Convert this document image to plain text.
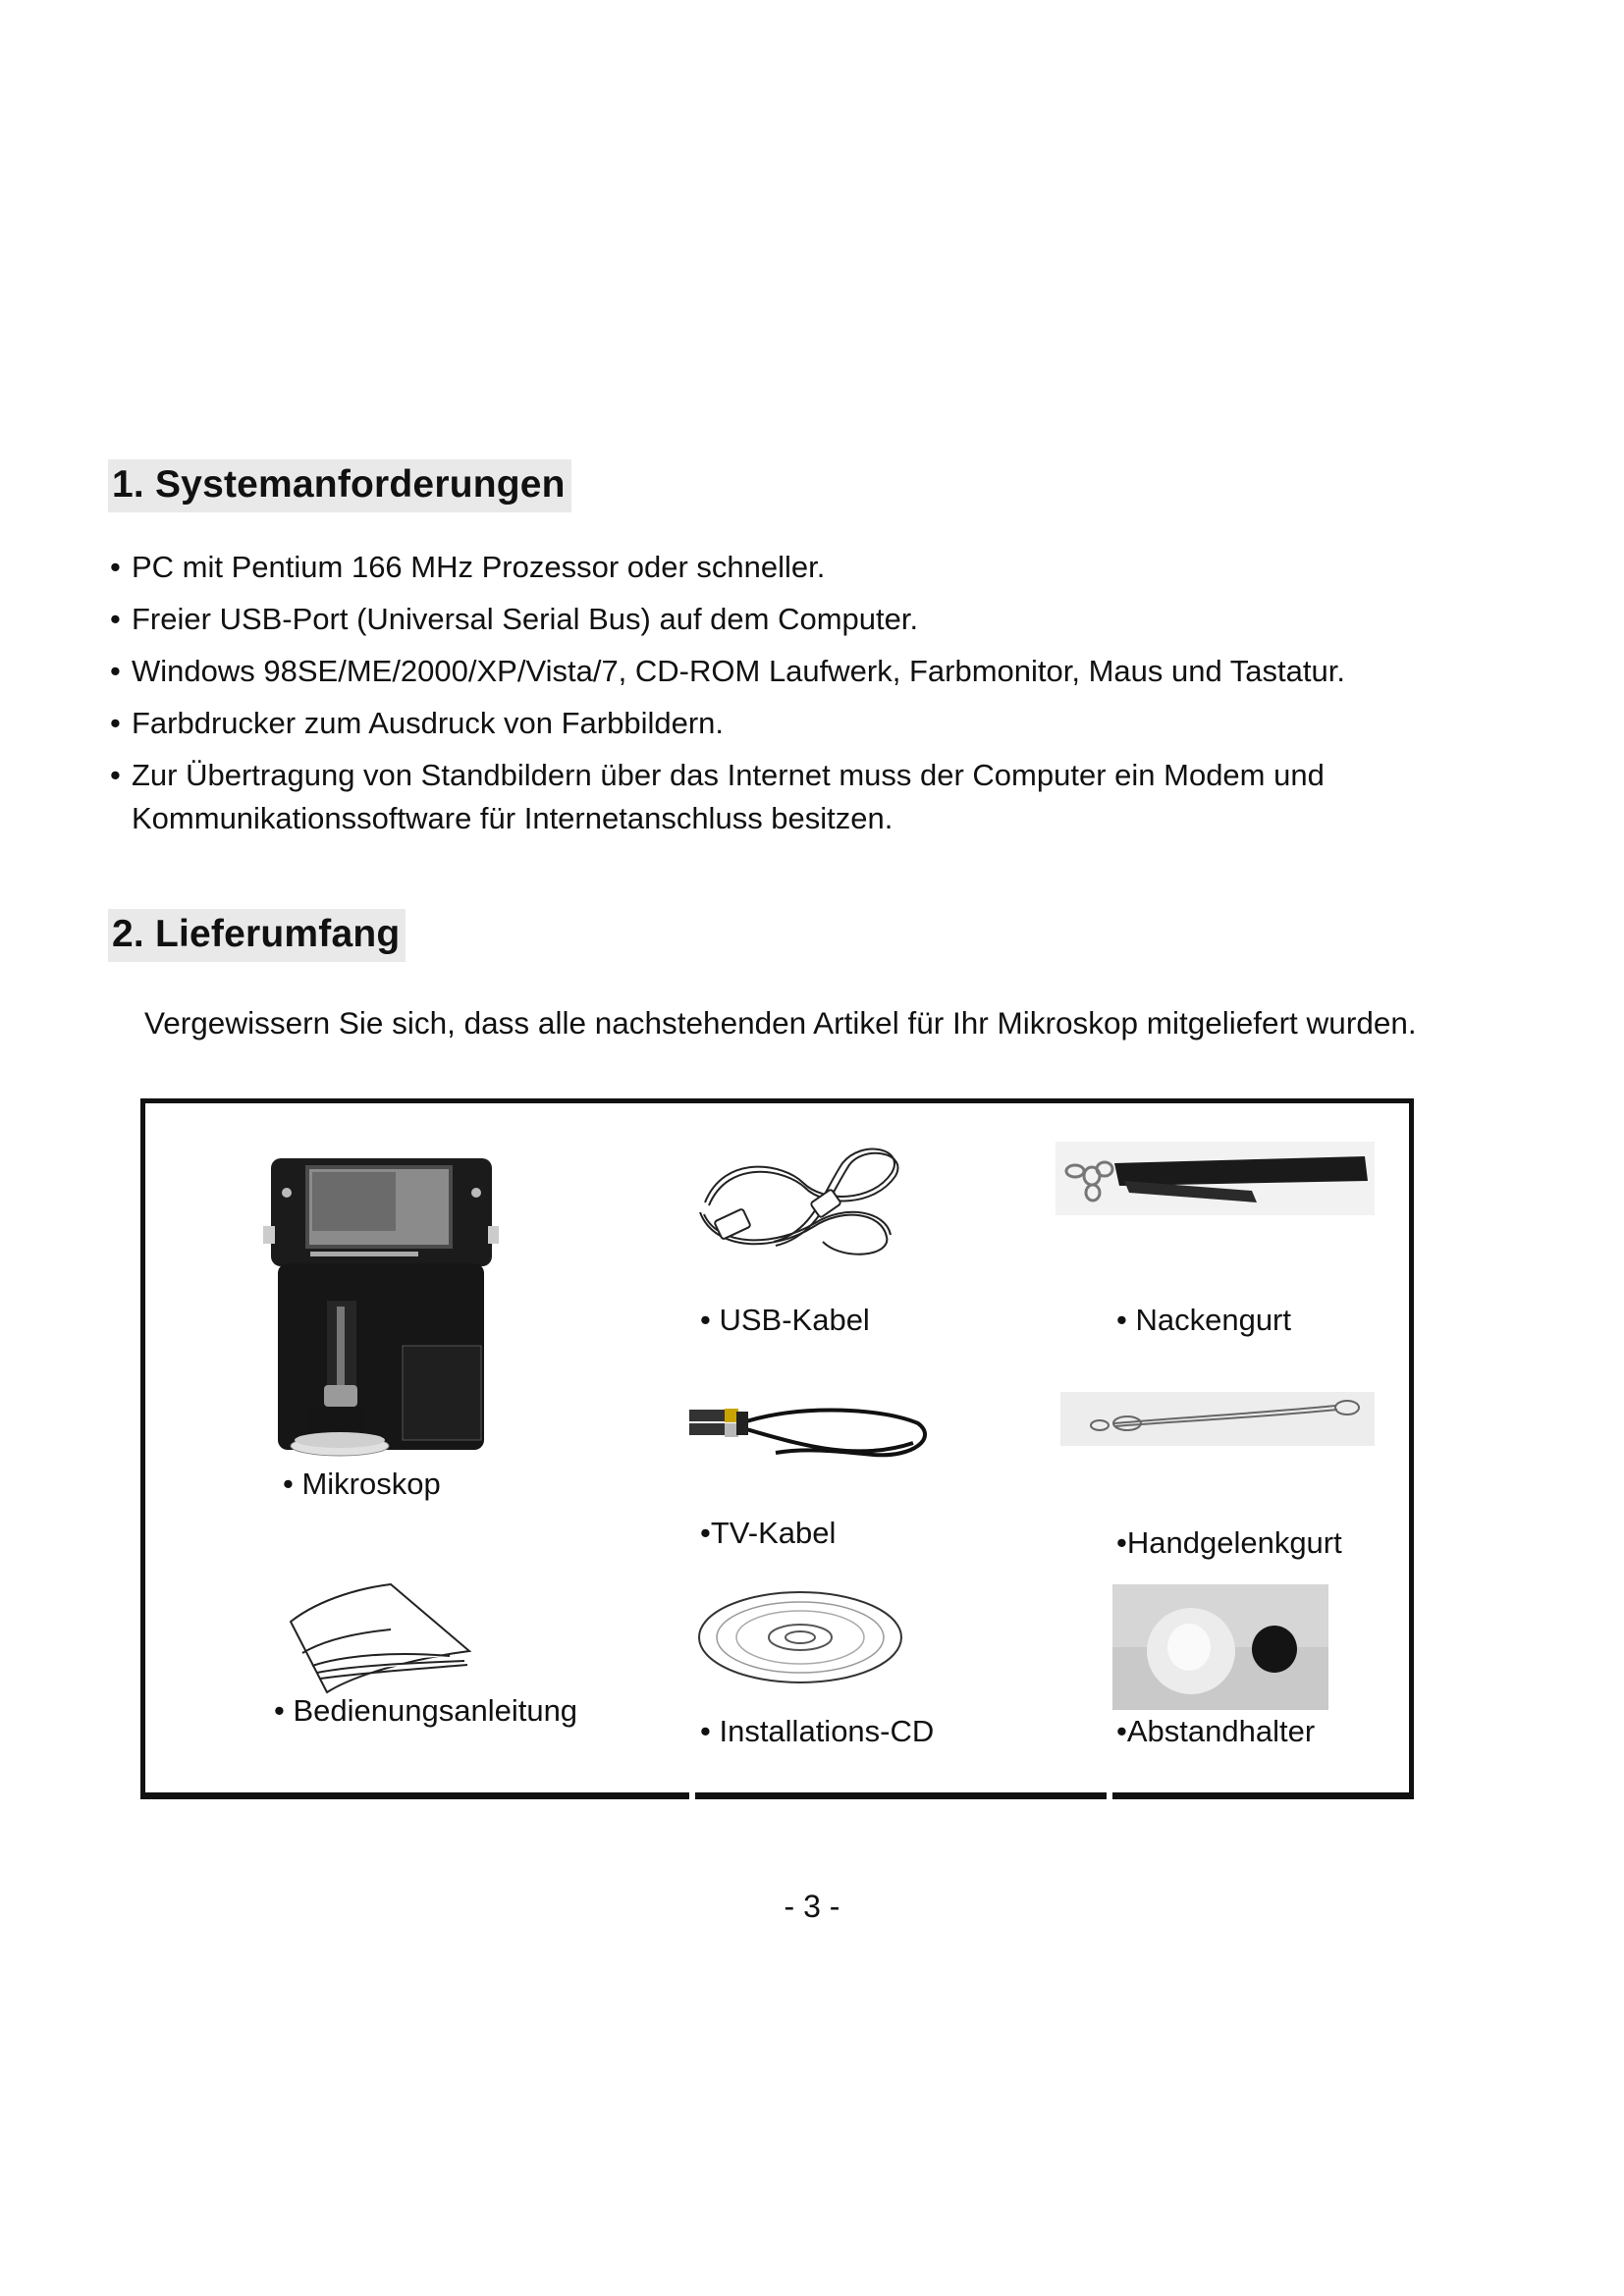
1. Systemanforderungen
• PC mit Pentium 166 MHz Prozessor oder schneller.
• Freier USB-Port (Universal Serial Bus) auf dem Computer.
• Windows 98SE/ME/2000/XP/Vista/7, CD-ROM Laufwerk, Farbmonitor, Maus und Tastatur.
• Farbdrucker zum Ausdruck von Farbbildern.
• Zur Übertragung von Standbildern über das Internet muss der Computer ein Modem und Kommunikationssoftware für Internetanschluss besitzen.
2. Lieferumfang
Vergewissern Sie sich, dass alle nachstehenden Artikel für Ihr Mikroskop mitgeliefert wurden.
• Mikroskop
• USB-Kabel	• Nackengurt
•TV-Kabel	•Handgelenkgurt
• Bedienungsanleitung
• Installations-CD	•Abstandhalter
- 3 -
